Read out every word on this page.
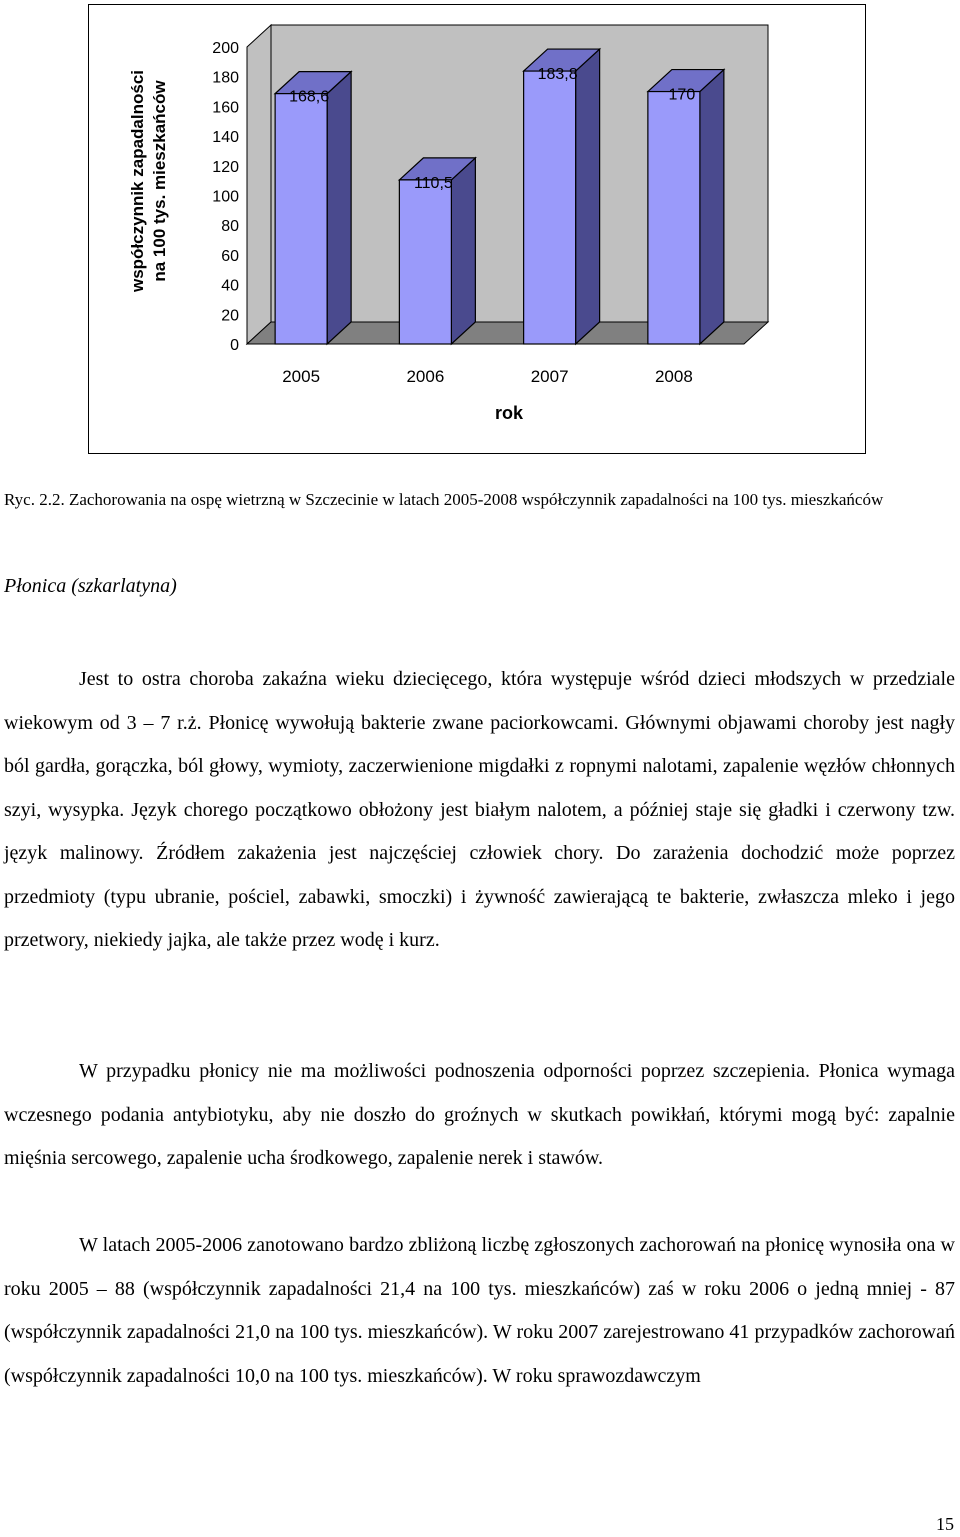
współczynnik zapadalności na 100 tys. mieszkańców
0
20
40
60
80
100
120
140
160
180
200
168,6
2005
110,5
2006
183,8
2007
170
2008
rok

Ryc. 2.2. Zachorowania na ospę wietrzną w Szczecinie w latach 2005-2008 współczynnik zapadalności na 100 tys. mieszkańców

Płonica (szkarlatyna)

Jest to ostra choroba zakaźna wieku dziecięcego, która występuje wśród dzieci młodszych w przedziale wiekowym od 3 – 7 r.ż. Płonicę wywołują bakterie zwane paciorkowcami. Głównymi objawami choroby jest nagły ból gardła, gorączka, ból głowy, wymioty, zaczerwienione migdałki z ropnymi nalotami, zapalenie węzłów chłonnych szyi, wysypka. Język chorego początkowo obłożony jest białym nalotem, a później staje się gładki i czerwony tzw. język malinowy. Źródłem zakażenia jest najczęściej człowiek chory. Do zarażenia dochodzić może poprzez przedmioty (typu ubranie, pościel, zabawki, smoczki) i żywność zawierającą te bakterie, zwłaszcza mleko i jego przetwory, niekiedy jajka, ale także przez wodę i kurz.

W przypadku płonicy nie ma możliwości podnoszenia odporności poprzez szczepienia. Płonica wymaga wczesnego podania antybiotyku, aby nie doszło do groźnych w skutkach powikłań, którymi mogą być: zapalnie mięśnia sercowego, zapalenie ucha środkowego, zapalenie nerek i stawów.

W latach 2005-2006 zanotowano bardzo zbliżoną liczbę zgłoszonych zachorowań na płonicę wynosiła ona w roku 2005 – 88 (współczynnik zapadalności 21,4 na 100 tys. mieszkańców) zaś w roku 2006 o jedną mniej - 87 (współczynnik zapadalności 21,0 na 100 tys. mieszkańców). W roku 2007 zarejestrowano 41 przypadków zachorowań (współczynnik zapadalności 10,0 na 100 tys. mieszkańców). W roku sprawozdawczym

15
